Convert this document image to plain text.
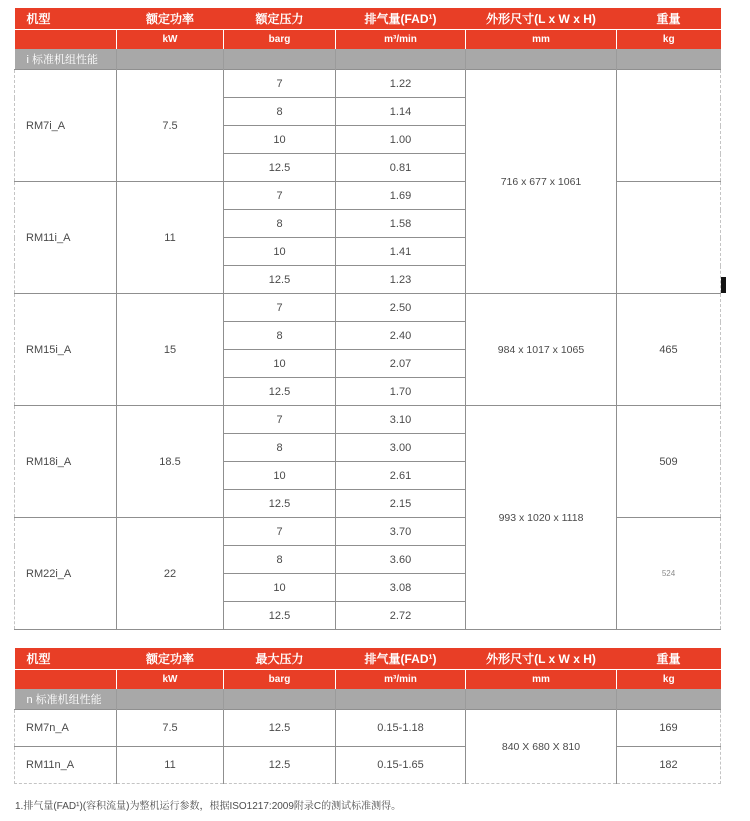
机型	额定功率	额定压力	排气量(FAD¹)	外形尺寸(L x W x H)	重量
	kW	barg	m³/min	mm	kg
i 标准机组性能					
RM7i_A	7.5	7	1.22	716 x 677 x 1061	
		8	1.14		
		10	1.00		
		12.5	0.81		
RM11i_A	11	7	1.69		
		8	1.58		
		10	1.41		
		12.5	1.23		
RM15i_A	15	7	2.50	984 x 1017 x 1065	465
		8	2.40		
		10	2.07		
		12.5	1.70		
RM18i_A	18.5	7	3.10	993 x 1020 x 1118	509
		8	3.00		
		10	2.61		
		12.5	2.15		
RM22i_A	22	7	3.70		524
		8	3.60		
		10	3.08		
		12.5	2.72		
机型	额定功率	最大压力	排气量(FAD¹)	外形尺寸(L x W x H)	重量
	kW	barg	m³/min	mm	kg
n 标准机组性能					
RM7n_A	7.5	12.5	0.15-1.18	840 X 680 X 810	169
RM11n_A	11	12.5	0.15-1.65		182
1.排气量(FAD¹)(容积流量)为整机运行参数，根据ISO1217:2009附录C的测试标准测得。
